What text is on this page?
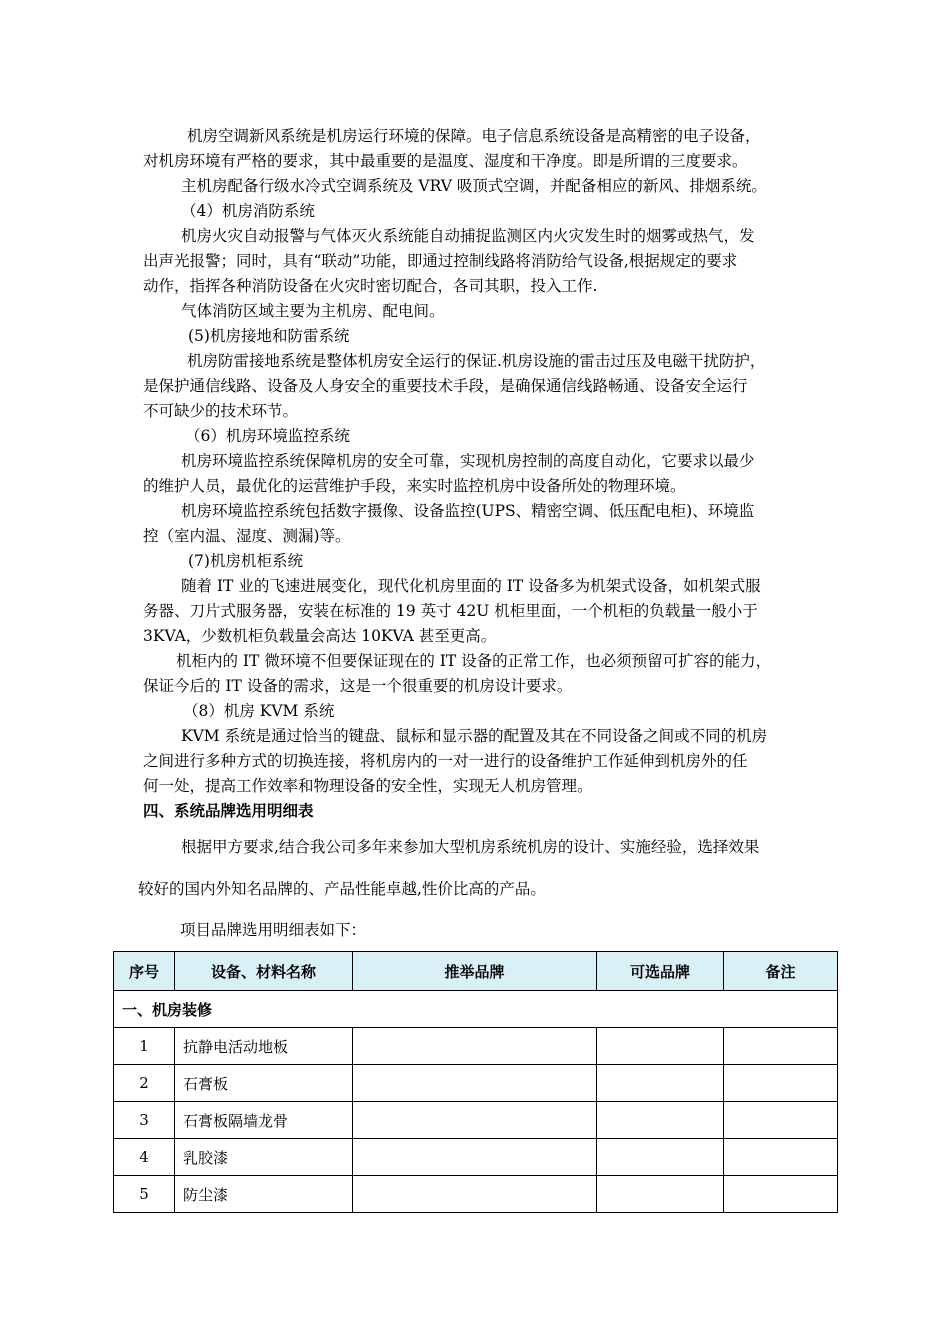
机房空调新风系统是机房运行环境的保障。电子信息系统设备是高精密的电子设备，
对机房环境有严格的要求，其中最重要的是温度、湿度和干净度。即是所谓的三度要求。
主机房配备行级水冷式空调系统及 VRV 吸顶式空调，并配备相应的新风、排烟系统。
（4）机房消防系统
机房火灾自动报警与气体灭火系统能自动捕捉监测区内火灾发生时的烟雾或热气，发
出声光报警；同时，具有“联动”功能，即通过控制线路将消防给气设备,根据规定的要求
动作，指挥各种消防设备在火灾时密切配合，各司其职，投入工作.
气体消防区域主要为主机房、配电间。
(5)机房接地和防雷系统
机房防雷接地系统是整体机房安全运行的保证.机房设施的雷击过压及电磁干扰防护，
是保护通信线路、设备及人身安全的重要技术手段，是确保通信线路畅通、设备安全运行
不可缺少的技术环节。
（6）机房环境监控系统
机房环境监控系统保障机房的安全可靠，实现机房控制的高度自动化，它要求以最少
的维护人员，最优化的运营维护手段，来实时监控机房中设备所处的物理环境。
机房环境监控系统包括数字摄像、设备监控(UPS、精密空调、低压配电柜)、环境监
控（室内温、湿度、测漏)等。
(7)机房机柜系统
随着 IT 业的飞速进展变化，现代化机房里面的 IT 设备多为机架式设备，如机架式服
务器、刀片式服务器，安装在标准的 19 英寸 42U 机柜里面，一个机柜的负载量一般小于
3KVA，少数机柜负载量会高达 10KVA 甚至更高。
机柜内的 IT 微环境不但要保证现在的 IT 设备的正常工作，也必须预留可扩容的能力，
保证今后的 IT 设备的需求，这是一个很重要的机房设计要求。
（8）机房 KVM 系统
KVM 系统是通过恰当的键盘、鼠标和显示器的配置及其在不同设备之间或不同的机房
之间进行多种方式的切换连接，将机房内的一对一进行的设备维护工作延伸到机房外的任
何一处，提高工作效率和物理设备的安全性，实现无人机房管理。
四、系统品牌选用明细表
根据甲方要求,结合我公司多年来参加大型机房系统机房的设计、实施经验，选择效果
较好的国内外知名品牌的、产品性能卓越,性价比高的产品。
项目品牌选用明细表如下：
序号	设备、材料名称	推举品牌	可选品牌	备注
一、机房装修				
1	抗静电活动地板			
2	石膏板			
3	石膏板隔墙龙骨			
4	乳胶漆			
5	防尘漆			
